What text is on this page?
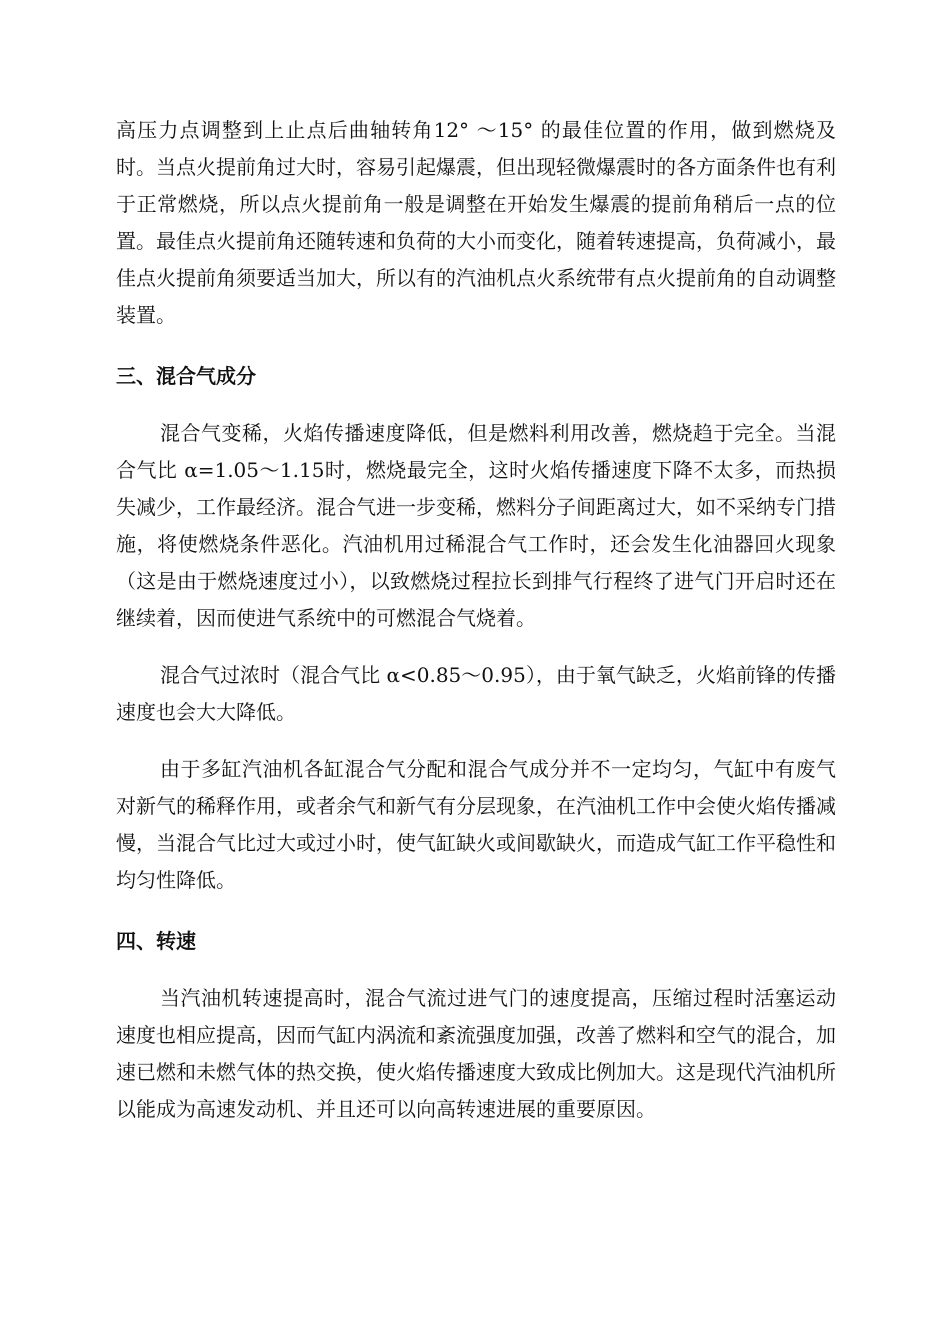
高压力点调整到上止点后曲轴转角12° ～15° 的最佳位置的作用，做到燃烧及时。当点火提前角过大时，容易引起爆震，但出现轻微爆震时的各方面条件也有利于正常燃烧，所以点火提前角一般是调整在开始发生爆震的提前角稍后一点的位置。最佳点火提前角还随转速和负荷的大小而变化，随着转速提高，负荷减小，最佳点火提前角须要适当加大，所以有的汽油机点火系统带有点火提前角的自动调整装置。

三、混合气成分

混合气变稀，火焰传播速度降低，但是燃料利用改善，燃烧趋于完全。当混合气比 α=1.05～1.15时，燃烧最完全，这时火焰传播速度下降不太多，而热损失减少，工作最经济。混合气进一步变稀，燃料分子间距离过大，如不采纳专门措施，将使燃烧条件恶化。汽油机用过稀混合气工作时，还会发生化油器回火现象（这是由于燃烧速度过小），以致燃烧过程拉长到排气行程终了进气门开启时还在继续着，因而使进气系统中的可燃混合气烧着。

混合气过浓时（混合气比 α<0.85～0.95），由于氧气缺乏，火焰前锋的传播速度也会大大降低。

由于多缸汽油机各缸混合气分配和混合气成分并不一定均匀，气缸中有废气对新气的稀释作用，或者余气和新气有分层现象，在汽油机工作中会使火焰传播减慢，当混合气比过大或过小时，使气缸缺火或间歇缺火，而造成气缸工作平稳性和均匀性降低。

四、转速

当汽油机转速提高时，混合气流过进气门的速度提高，压缩过程时活塞运动速度也相应提高，因而气缸内涡流和紊流强度加强，改善了燃料和空气的混合，加速已燃和未燃气体的热交换，使火焰传播速度大致成比例加大。这是现代汽油机所以能成为高速发动机、并且还可以向高转速进展的重要原因。
